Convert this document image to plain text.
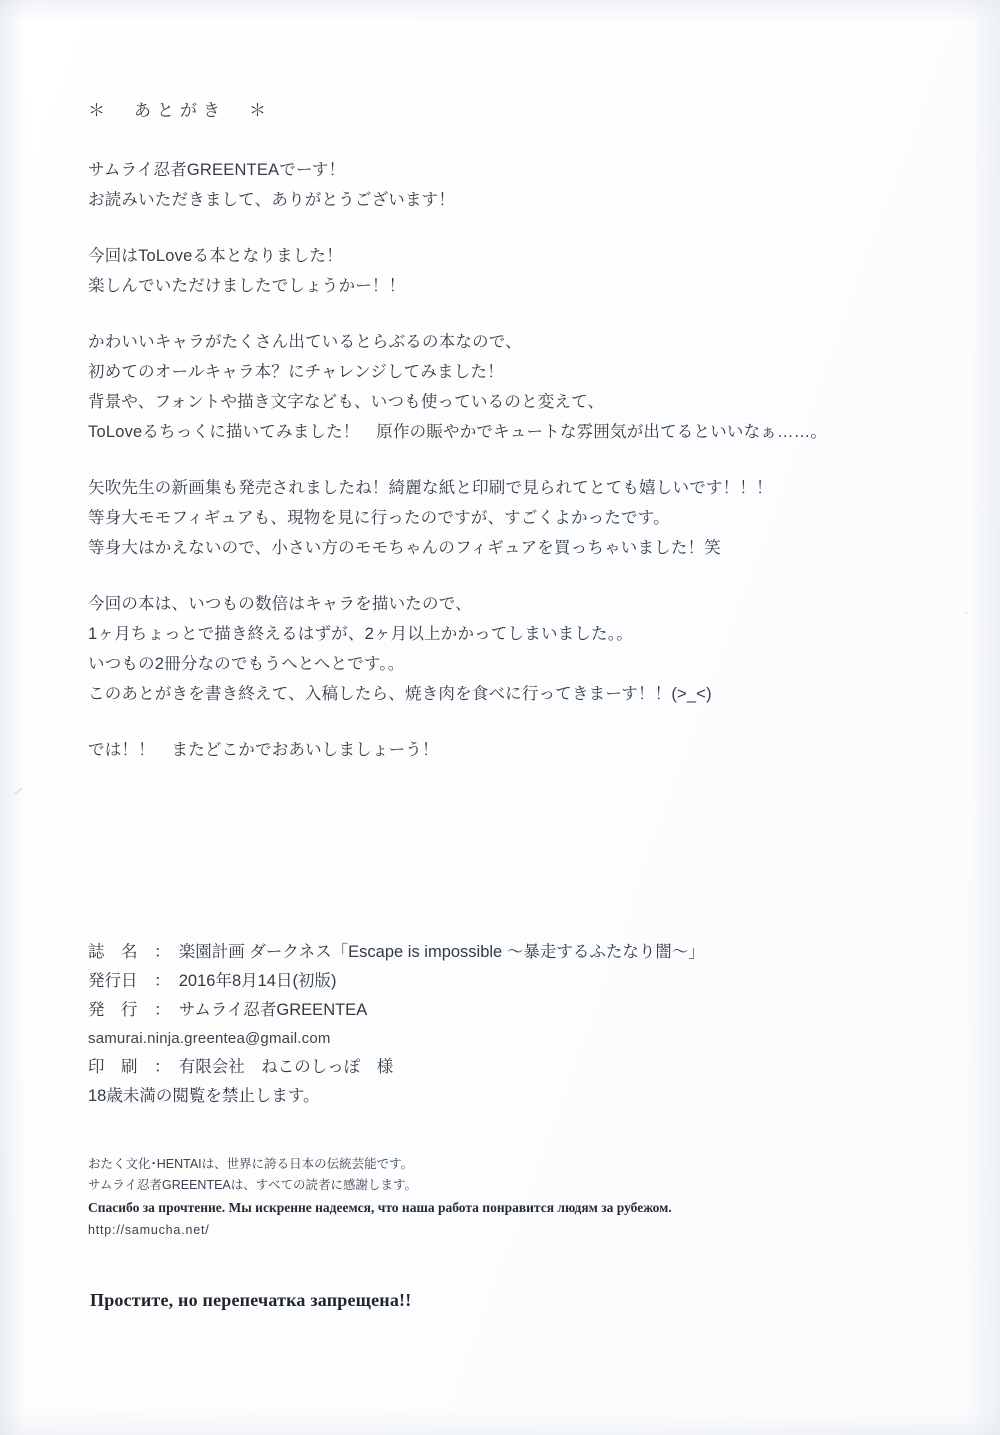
＊　あとがき　＊
サムライ忍者GREENTEAでーす！
お読みいただきまして、ありがとうございます！
今回はToLoveる本となりました！
楽しんでいただけましたでしょうかー！！
かわいいキャラがたくさん出ているとらぶるの本なので、
初めてのオールキャラ本？にチャレンジしてみました！
背景や、フォントや描き文字なども、いつも使っているのと変えて、
ToLoveるちっくに描いてみました！　原作の賑やかでキュートな雰囲気が出てるといいなぁ……。
矢吹先生の新画集も発売されましたね！綺麗な紙と印刷で見られてとても嬉しいです！！！
等身大モモフィギュアも、現物を見に行ったのですが、すごくよかったです。
等身大はかえないので、小さい方のモモちゃんのフィギュアを買っちゃいました！笑
今回の本は、いつもの数倍はキャラを描いたので、
1ヶ月ちょっとで描き終えるはずが、2ヶ月以上かかってしまいました。。
いつもの2冊分なのでもうへとへとです。。
このあとがきを書き終えて、入稿したら、焼き肉を食べに行ってきまーす！！(>_<)
では！！　またどこかでおあいしましょーう！
誌　名　：　楽園計画 ダークネス「Escape is impossible ～暴走するふたなり闇～」
発行日　：　2016年8月14日(初版)
発　行　：　サムライ忍者GREENTEA
samurai.ninja.greentea@gmail.com
印　刷　：　有限会社　ねこのしっぽ　様
18歳未満の閲覧を禁止します。
おたく文化･HENTAIは、世界に誇る日本の伝統芸能です。
サムライ忍者GREENTEAは、すべての読者に感謝します。
Спасибо за прочтение. Мы искренне надеемся, что наша работа понравится людям за рубежом.
http://samucha.net/
Простите, но перепечатка запрещена!!
